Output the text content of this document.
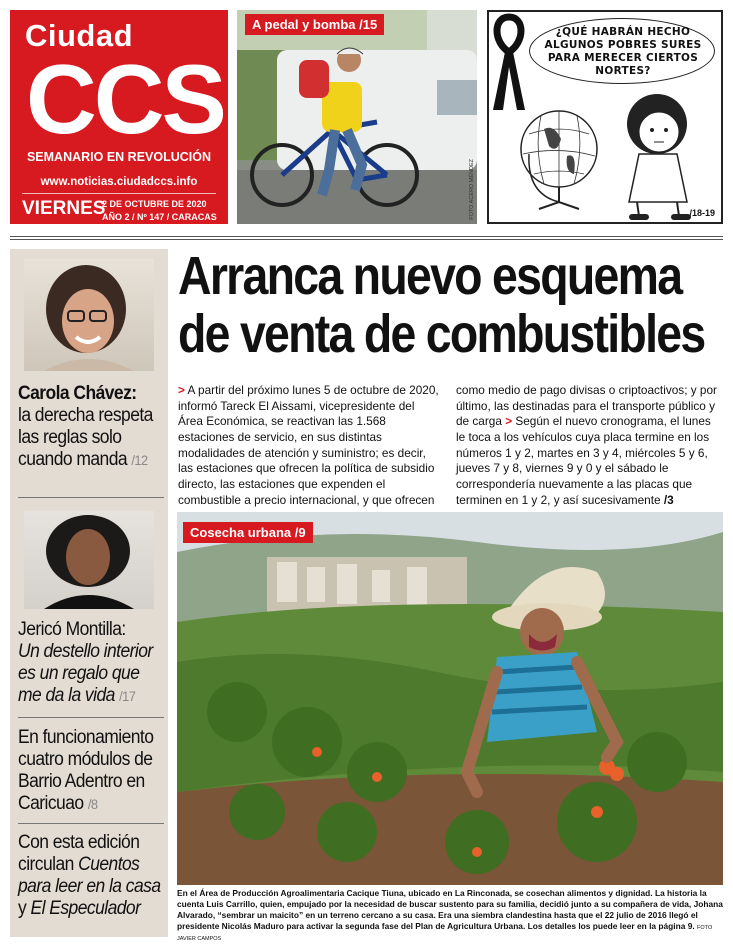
Ciudad
CCS
SEMANARIO EN REVOLUCIÓN
www.noticias.ciudadccs.info
VIERNES
2 DE OCTUBRE DE 2020
AÑO 2 / Nº 147 / CARACAS
A pedal y bomba /15
FOTO ACERO MÉNDEZ
¿QUÉ HABRÁN HECHO ALGUNOS POBRES SURES PARA MERECER CIERTOS NORTES?
/18-19
Carola Chávez:
la derecha respeta las reglas solo cuando manda /12
Jericó Montilla:
Un destello interior es un regalo que me da la vida /17
En funcionamiento cuatro módulos de Barrio Adentro en Caricuao /8
Con esta edición circulan Cuentos para leer en la casa y El Especulador
Arranca nuevo esquema
de venta de combustibles
> A partir del próximo lunes 5 de octubre de 2020, informó Tareck El Aissami, vicepresidente del Área Económica, se reactivan las 1.568 estaciones de servicio, en sus distintas modalidades de atención y suministro; es decir, las estaciones que ofrecen la política de subsidio directo, las estaciones que expenden el combustible a precio internacional, y que ofrecen
como medio de pago divisas o criptoactivos; y por último, las destinadas para el transporte público y de carga > Según el nuevo cronograma, el lunes le toca a los vehículos cuya placa termine en los números 1 y 2, martes en 3 y 4, miércoles 5 y 6, jueves 7 y 8, viernes 9 y 0 y el sábado le correspondería nuevamente a las placas que terminen en 1 y 2, y así sucesivamente /3
Cosecha urbana /9
En el Área de Producción Agroalimentaria Cacique Tiuna, ubicado en La Rinconada, se cosechan alimentos y dignidad. La historia la cuenta Luis Carrillo, quien, empujado por la necesidad de buscar sustento para su familia, decidió junto a su compañera de vida, Johana Alvarado, “sembrar un maicito” en un terreno cercano a su casa. Era una siembra clandestina hasta que el 22 julio de 2016 llegó el presidente Nicolás Maduro para activar la segunda fase del Plan de Agricultura Urbana. Los detalles los puede leer en la página 9. FOTO JAVIER CAMPOS
